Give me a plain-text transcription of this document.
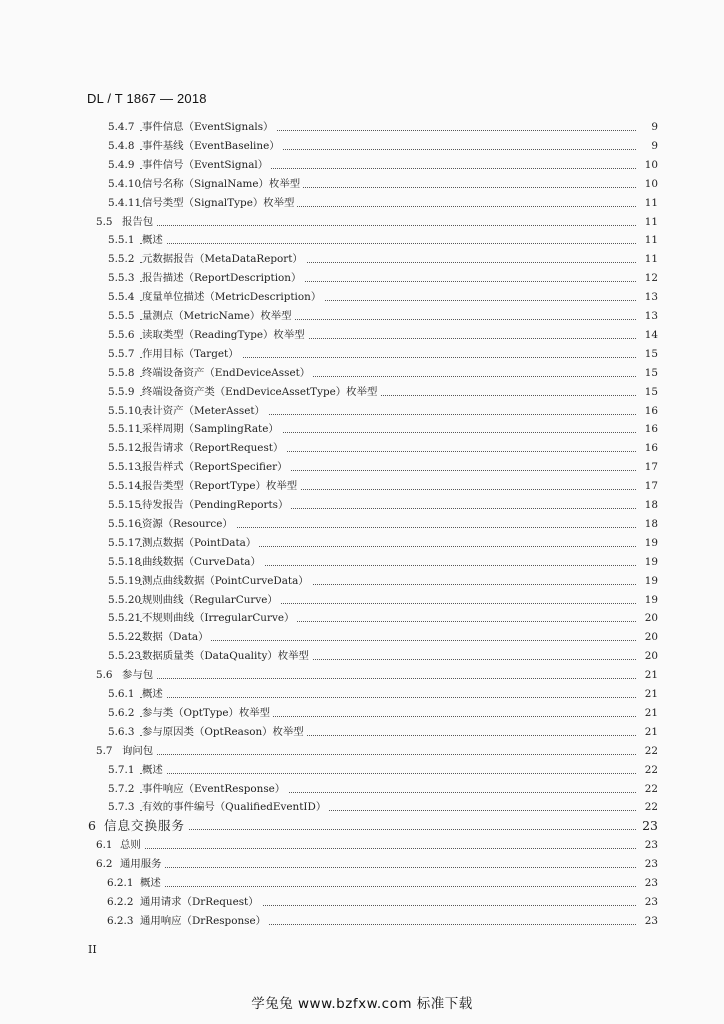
DL / T 1867 — 2018
5.4.7 事件信息（EventSignals）	9
5.4.8 事件基线（EventBaseline）	9
5.4.9 事件信号（EventSignal）	10
5.4.10 信号名称（SignalName）枚举型	10
5.4.11 信号类型（SignalType）枚举型	11
5.5 报告包	11
5.5.1 概述	11
5.5.2 元数据报告（MetaDataReport）	11
5.5.3 报告描述（ReportDescription）	12
5.5.4 度量单位描述（MetricDescription）	13
5.5.5 量测点（MetricName）枚举型	13
5.5.6 读取类型（ReadingType）枚举型	14
5.5.7 作用目标（Target）	15
5.5.8 终端设备资产（EndDeviceAsset）	15
5.5.9 终端设备资产类（EndDeviceAssetType）枚举型	15
5.5.10 表计资产（MeterAsset）	16
5.5.11 采样周期（SamplingRate）	16
5.5.12 报告请求（ReportRequest）	16
5.5.13 报告样式（ReportSpecifier）	17
5.5.14 报告类型（ReportType）枚举型	17
5.5.15 待发报告（PendingReports）	18
5.5.16 资源（Resource）	18
5.5.17 测点数据（PointData）	19
5.5.18 曲线数据（CurveData）	19
5.5.19 测点曲线数据（PointCurveData）	19
5.5.20 规则曲线（RegularCurve）	19
5.5.21 不规则曲线（IrregularCurve）	20
5.5.22 数据（Data）	20
5.5.23 数据质量类（DataQuality）枚举型	20
5.6 参与包	21
5.6.1 概述	21
5.6.2 参与类（OptType）枚举型	21
5.6.3 参与原因类（OptReason）枚举型	21
5.7 询问包	22
5.7.1 概述	22
5.7.2 事件响应（EventResponse）	22
5.7.3 有效的事件编号（QualifiedEventID）	22
6 信息交换服务	23
6.1 总则	23
6.2 通用服务	23
6.2.1 概述	23
6.2.2 通用请求（DrRequest）	23
6.2.3 通用响应（DrResponse）	23
II
学兔兔 www.bzfxw.com 标准下载
